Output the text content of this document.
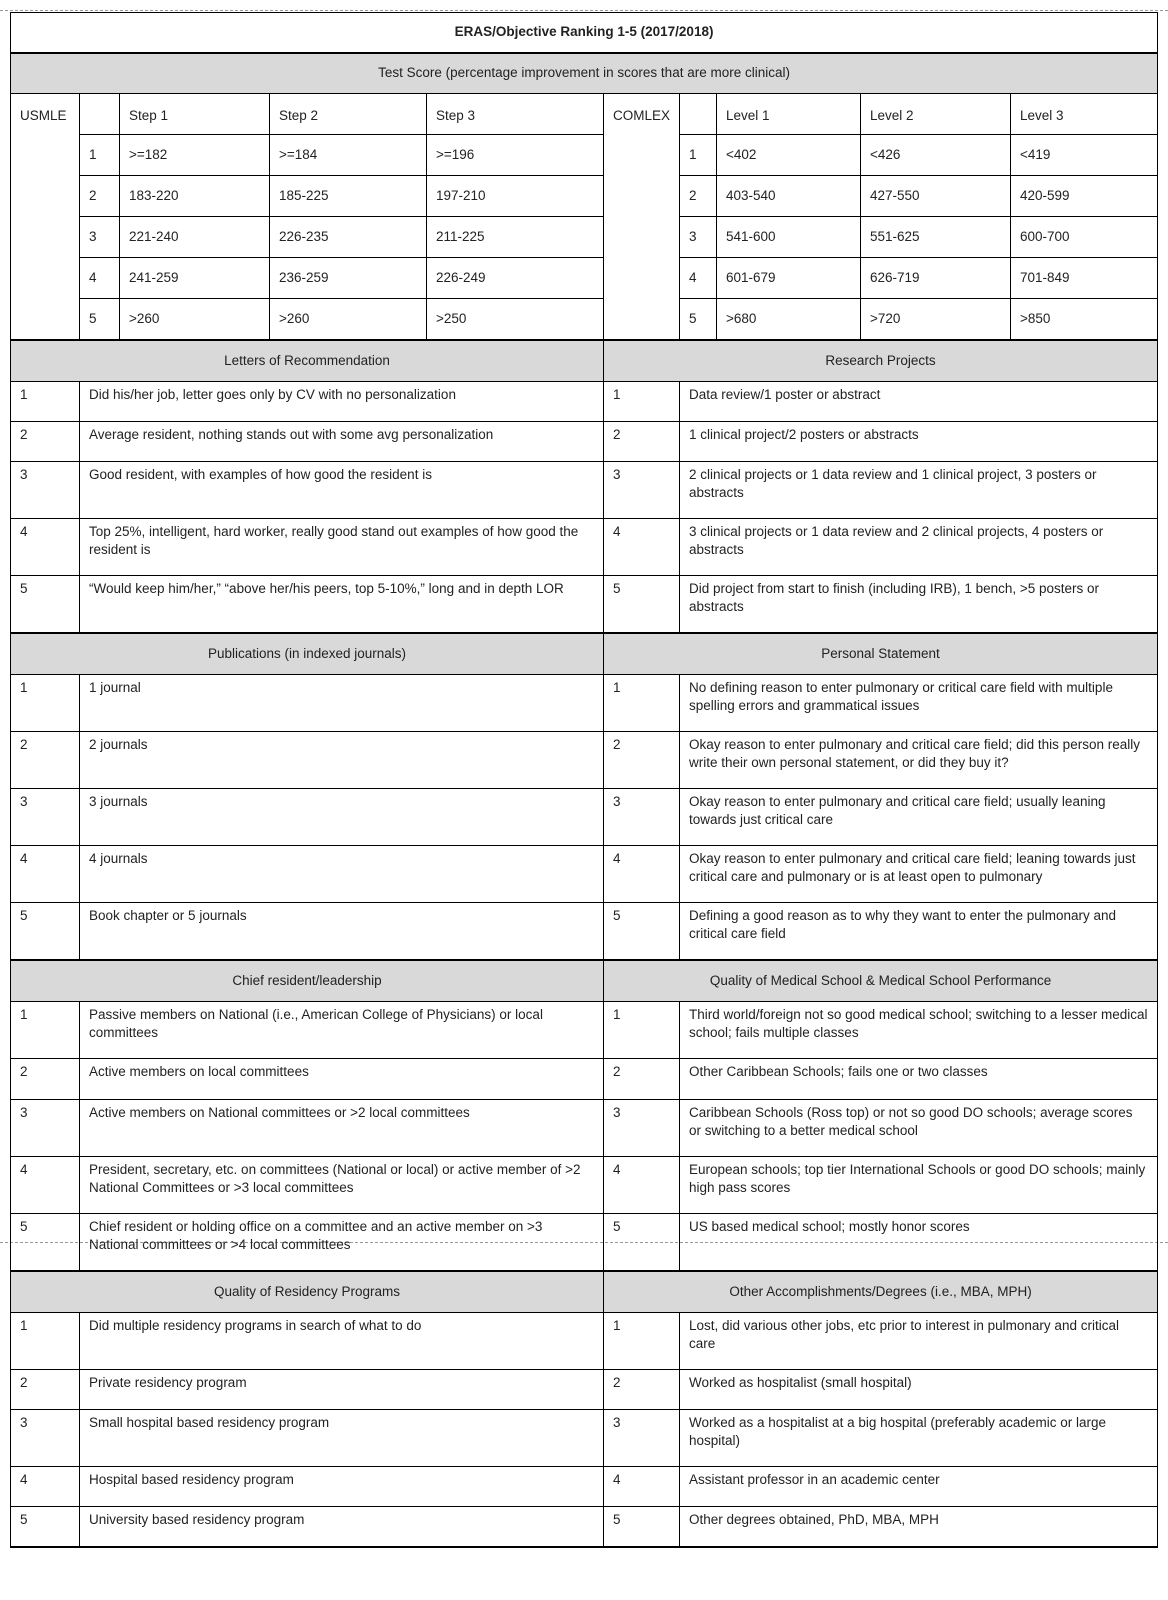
ERAS/Objective Ranking 1-5 (2017/2018)									
Test Score (percentage improvement in scores that are more clinical)									
USMLE		Step 1	Step 2	Step 3	COMLEX		Level 1	Level 2	Level 3
	1	>=182	>=184	>=196		1	<402	<426	<419
	2	183-220	185-225	197-210		2	403-540	427-550	420-599
	3	221-240	226-235	211-225		3	541-600	551-625	600-700
	4	241-259	236-259	226-249		4	601-679	626-719	701-849
	5	>260	>260	>250		5	>680	>720	>850
Letters of Recommendation					Research Projects				
1	Did his/her job, letter goes only by CV with no personalization				1	Data review/1 poster or abstract			
2	Average resident, nothing stands out with some avg personalization				2	1 clinical project/2 posters or abstracts			
3	Good resident, with examples of how good the resident is				3	2 clinical projects or 1 data review and 1 clinical project, 3 posters or abstracts			
4	Top 25%, intelligent, hard worker, really good stand out examples of how good the resident is				4	3 clinical projects or 1 data review and 2 clinical projects, 4 posters or abstracts			
5	“Would keep him/her,” “above her/his peers, top 5-10%,” long and in depth LOR				5	Did project from start to finish (including IRB), 1 bench, >5 posters or abstracts			
Publications (in indexed journals)					Personal Statement				
1	1 journal				1	No defining reason to enter pulmonary or critical care field with multiple spelling errors and grammatical issues			
2	2 journals				2	Okay reason to enter pulmonary and critical care field; did this person really write their own personal statement, or did they buy it?			
3	3 journals				3	Okay reason to enter pulmonary and critical care field; usually leaning towards just critical care			
4	4 journals				4	Okay reason to enter pulmonary and critical care field; leaning towards just critical care and pulmonary or is at least open to pulmonary			
5	Book chapter or 5 journals				5	Defining a good reason as to why they want to enter the pulmonary and critical care field			
Chief resident/leadership					Quality of Medical School & Medical School Performance				
1	Passive members on National (i.e., American College of Physicians) or local committees				1	Third world/foreign not so good medical school; switching to a lesser medical school; fails multiple classes			
2	Active members on local committees				2	Other Caribbean Schools; fails one or two classes			
3	Active members on National committees or >2 local committees				3	Caribbean Schools (Ross top) or not so good DO schools; average scores or switching to a better medical school			
4	President, secretary, etc. on committees (National or local) or active member of >2 National Committees or >3 local committees				4	European schools; top tier International Schools or good DO schools; mainly high pass scores			
5	Chief resident or holding office on a committee and an active member on >3 National committees or >4 local committees				5	US based medical school; mostly honor scores			
Quality of Residency Programs					Other Accomplishments/Degrees (i.e., MBA, MPH)				
1	Did multiple residency programs in search of what to do				1	Lost, did various other jobs, etc prior to interest in pulmonary and critical care			
2	Private residency program				2	Worked as hospitalist (small hospital)			
3	Small hospital based residency program				3	Worked as a hospitalist at a big hospital (preferably academic or large hospital)			
4	Hospital based residency program				4	Assistant professor in an academic center			
5	University based residency program				5	Other degrees obtained, PhD, MBA, MPH			
